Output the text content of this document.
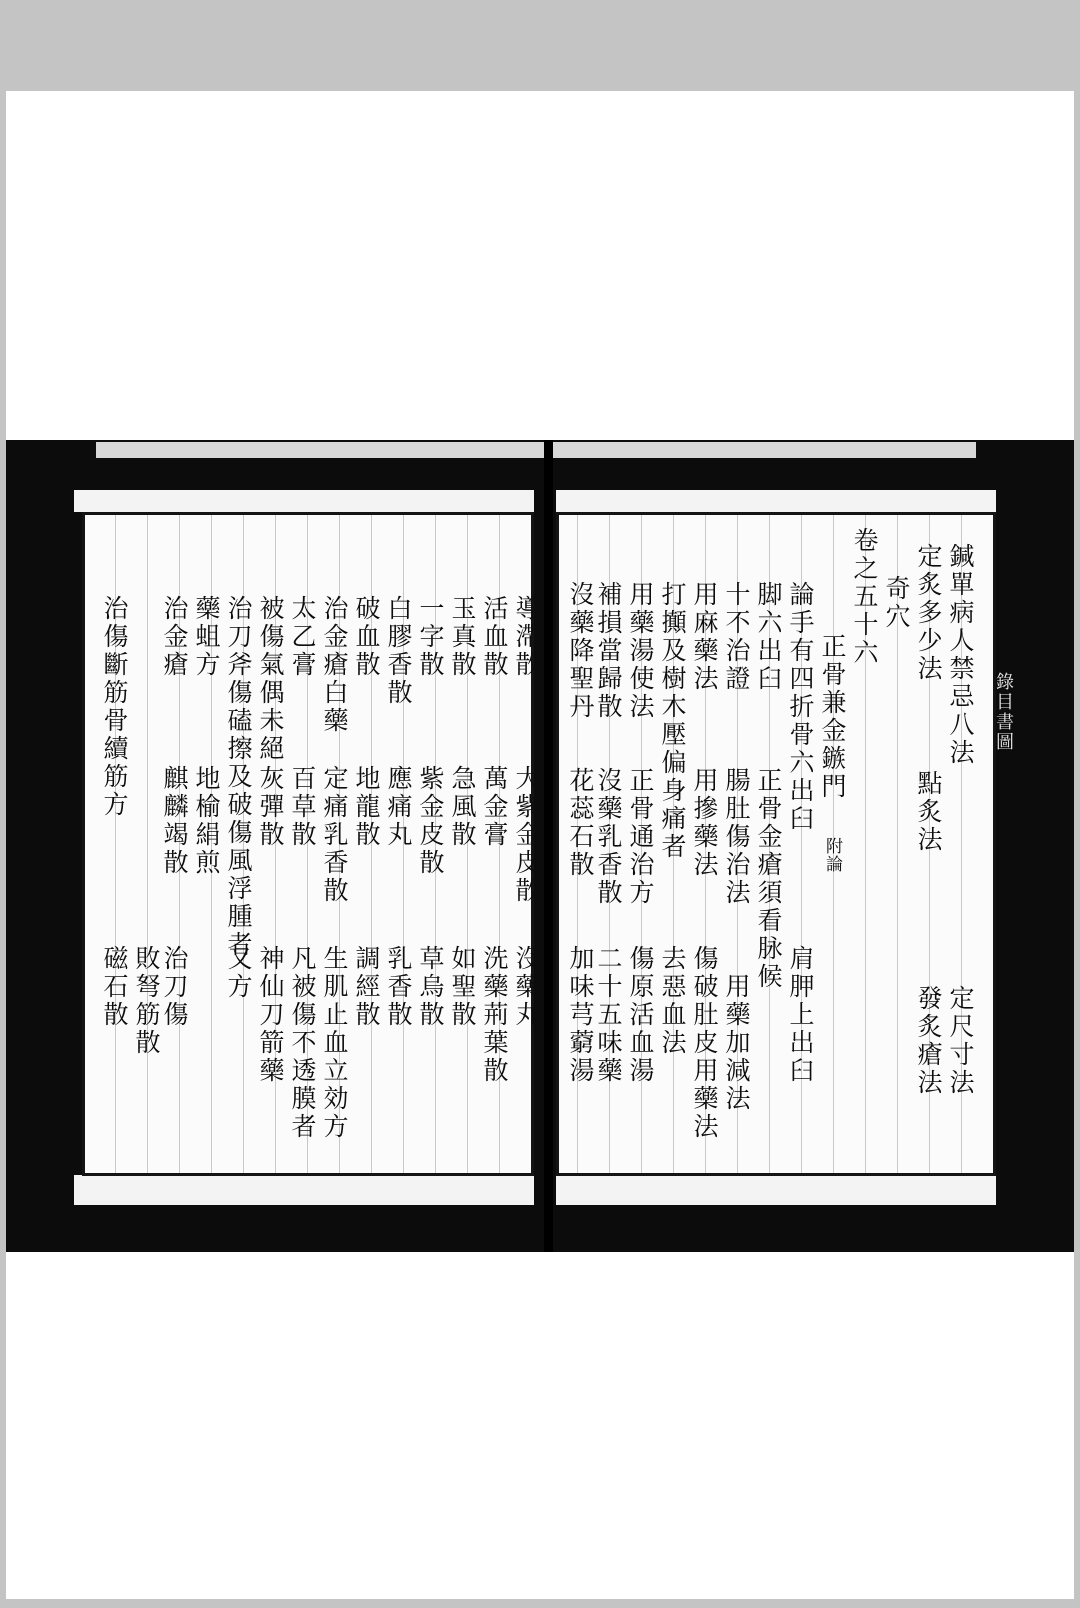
導滯散
大紫金皮散
沒藥丸
活血散
萬金膏
洗藥荊葉散
玉真散
急風散
如聖散
一字散
紫金皮散
草烏散
白膠香散
應痛丸
乳香散
破血散
地龍散
調經散
治金瘡白藥
定痛乳香散
生肌止血立効方
太乙膏
百草散
凡被傷不透膜者
被傷氣偶未絕
灰彈散
神仙刀箭藥
治刀斧傷磕擦及破傷風浮腫者
又方
藥蛆方
地榆絹煎
治金瘡
麒麟竭散
治刀傷
敗弩筋散
治傷斷筋骨續筋方
磁石散
鍼單病人禁忌八法
定尺寸法
定炙多少法
點炙法
發炙瘡法
奇穴
卷之五十六
正骨兼金鏃門
附論
論手有四折骨六出臼
肩胛上出臼
脚六出臼
正骨金瘡須看脉候
十不治證
腸肚傷治法
用藥加減法
用麻藥法
用摻藥法
傷破肚皮用藥法
打攧及樹木壓偏身痛者
去惡血法
用藥湯使法
正骨通治方
傷原活血湯
補損當歸散
沒藥乳香散
二十五味藥
沒藥降聖丹
花蕊石散
加味芎藭湯
錄目書圖
